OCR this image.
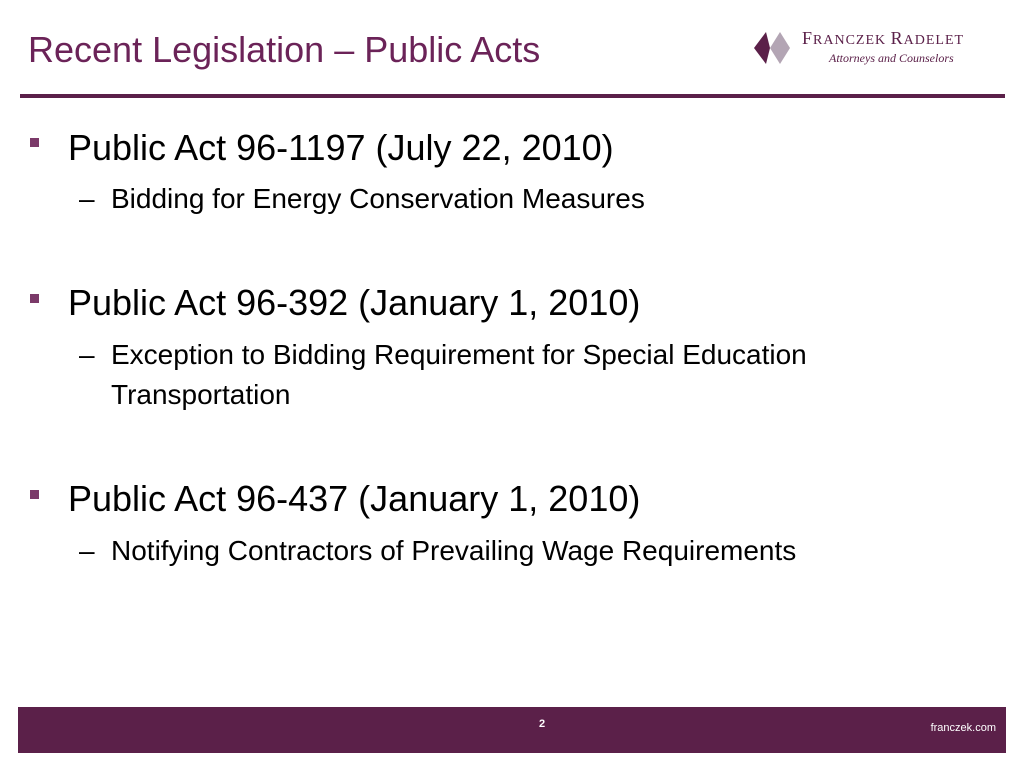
Recent Legislation – Public Acts	FRANCZEK RADELET
Attorneys and Counselors
Public Act 96-1197 (July 22, 2010)
– Bidding for Energy Conservation Measures
Public Act 96-392 (January 1, 2010)
– Exception to Bidding Requirement for Special Education Transportation
Public Act 96-437 (January 1, 2010)
– Notifying Contractors of Prevailing Wage Requirements
2	franczek.com
